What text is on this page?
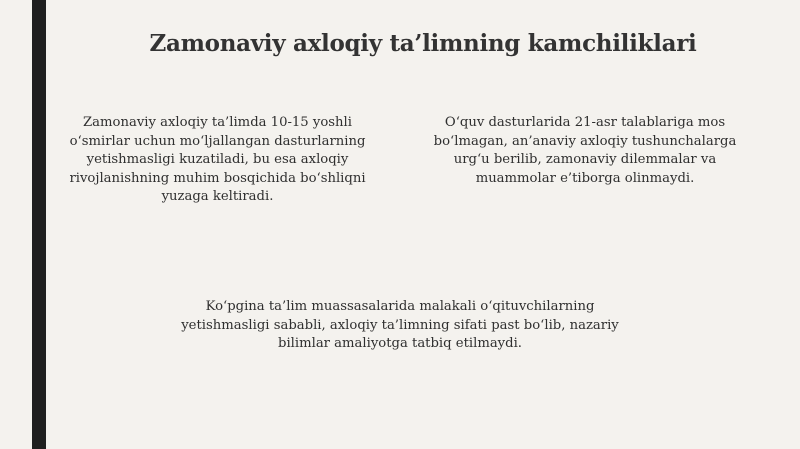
Zamonaviy axloqiy ta’limning kamchiliklari

Zamonaviy axloqiy ta’limda 10-15 yoshli
o‘smirlar uchun mo‘ljallangan dasturlarning
yetishmasligi kuzatiladi, bu esa axloqiy
rivojlanishning muhim bosqichida bo‘shliqni
yuzaga keltiradi.

O‘quv dasturlarida 21-asr talablariga mos
bo‘lmagan, an’anaviy axloqiy tushunchalarga
urg‘u berilib, zamonaviy dilemmalar va
muammolar e’tiborga olinmaydi.

Ko‘pgina ta’lim muassasalarida malakali o‘qituvchilarning
yetishmasligi sababli, axloqiy ta’limning sifati past bo‘lib, nazariy
bilimlar amaliyotga tatbiq etilmaydi.
